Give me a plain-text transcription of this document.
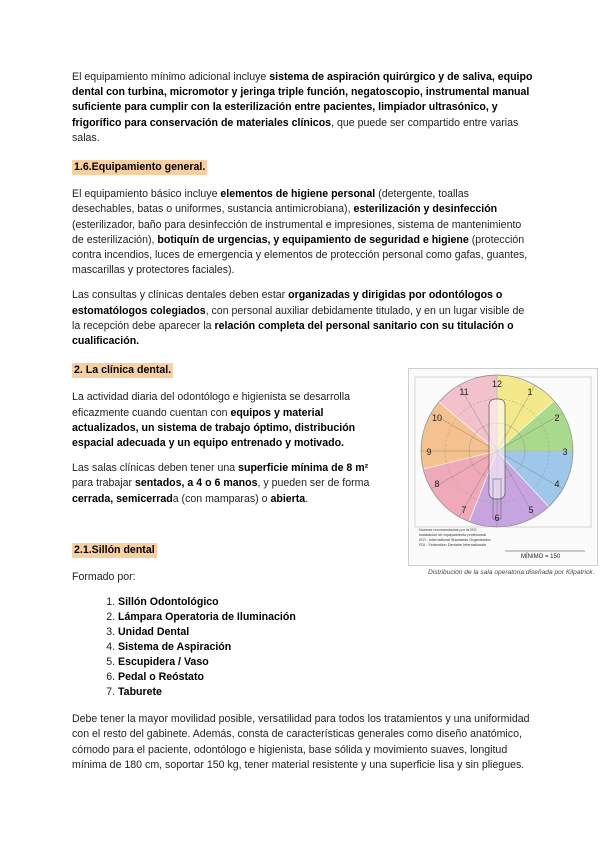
El equipamiento mínimo adicional incluye sistema de aspiración quirúrgico y de saliva, equipo dental con turbina, micromotor y jeringa triple función, negatoscopio, instrumental manual suficiente para cumplir con la esterilización entre pacientes, limpiador ultrasónico, y frigorífico para conservación de materiales clínicos, que puede ser compartido entre varias salas.

1.6.Equipamiento general.

El equipamiento básico incluye elementos de higiene personal (detergente, toallas desechables, batas o uniformes, sustancia antimicrobiana), esterilización y desinfección (esterilizador, baño para desinfección de instrumental e impresiones, sistema de mantenimiento de esterilización), botiquín de urgencias, y equipamiento de seguridad e higiene (protección contra incendios, luces de emergencia y elementos de protección personal como gafas, guantes, mascarillas y protectores faciales).

Las consultas y clínicas dentales deben estar organizadas y dirigidas por odontólogos o estomatólogos colegiados, con personal auxiliar debidamente titulado, y en un lugar visible de la recepción debe aparecer la relación completa del personal sanitario con su titulación o cualificación.

2. La clínica dental.

La actividad diaria del odontólogo e higienista se desarrolla eficazmente cuando cuentan con equipos y material actualizados, un sistema de trabajo óptimo, distribución espacial adecuada y un equipo entrenado y motivado.

Las salas clínicas deben tener una superficie mínima de 8 m² para trabajar sentados, a 4 o 6 manos, y pueden ser de forma cerrada, semicerrada (con mamparas) o abierta.

2.1.Sillón dental

Formado por:

1. Sillón Odontológico
2. Lámpara Operatoria de Iluminación
3. Unidad Dental
4. Sistema de Aspiración
5. Escupidera / Vaso
6. Pedal o Reóstato
7. Taburete

Debe tener la mayor movilidad posible, versatilidad para todos los tratamientos y una uniformidad con el resto del gabinete. Además, consta de características generales como diseño anatómico, cómodo para el paciente, odontólogo e higienista, base sólida y movimiento suaves, longitud mínima de 180 cm, soportar 150 kg, tener material resistente y una superficie lisa y sin pliegues.

12
1
2
3
4
5
6
7
8
9
10
11
Normas recomendadas por la ISO
Instalación de equipamiento profesional
ISO - International Standards Organization
FDI - Federation Dentaire Internationale
MÍNIMO = 150
Distribución de la sala operatoria diseñada por Kilpatrick.
